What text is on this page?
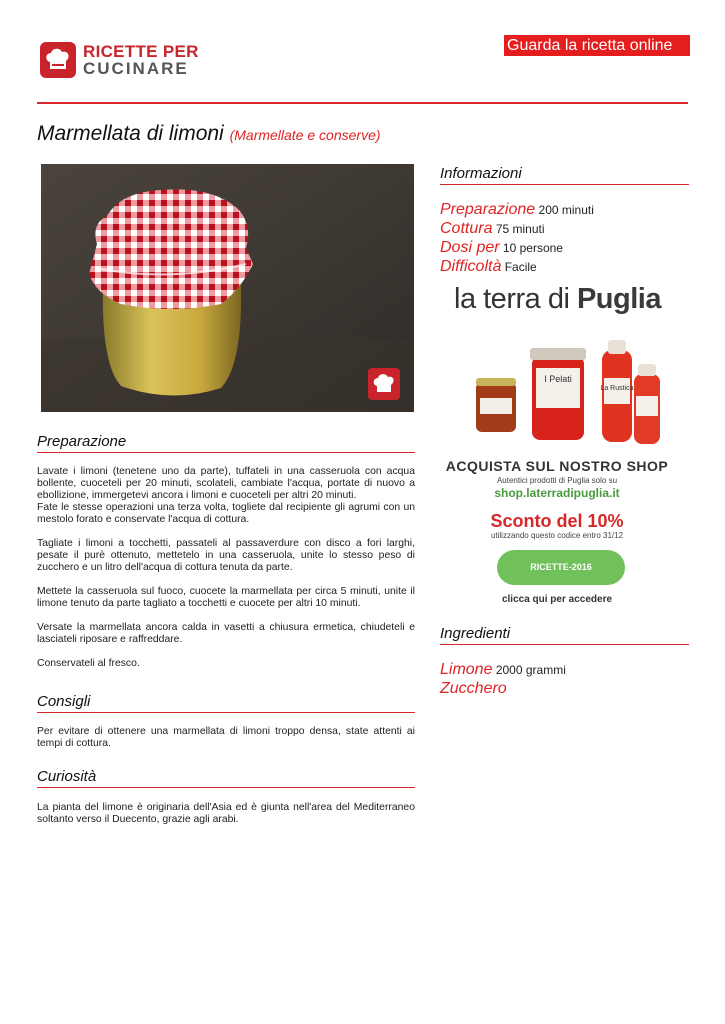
RICETTE PER
CUCINARE
Guarda la ricetta online
Marmellata di limoni (Marmellate e conserve)
Preparazione

Lavate i limoni (tenetene uno da parte), tuffateli in una casseruola con acqua bollente, cuoceteli per 20 minuti, scolateli, cambiate l'acqua, portate di nuovo a ebollizione, immergetevi ancora i limoni e cuoceteli per altri 20 minuti.
Fate le stesse operazioni una terza volta, togliete dal recipiente gli agrumi con un mestolo forato e conservate l'acqua di cottura.

Tagliate i limoni a tocchetti, passateli al passaverdure con disco a fori larghi, pesate il purè ottenuto, mettetelo in una casseruola, unite lo stesso peso di zucchero e un litro dell'acqua di cottura tenuta da parte.

Mettete la casseruola sul fuoco, cuocete la marmellata per circa 5 minuti, unite il limone tenuto da parte tagliato a tocchetti e cuocete per altri 10 minuti.

Versate la marmellata ancora calda in vasetti a chiusura ermetica, chiudeteli e lasciateli riposare e raffreddare.

Conservateli al fresco.

Consigli
Per evitare di ottenere una marmellata di limoni troppo densa, state attenti ai tempi di cottura.
Curiosità
La pianta del limone è originaria dell'Asia ed è giunta nell'area del Mediterraneo soltanto verso il Duecento, grazie agli arabi.
Informazioni
Preparazione 200 minuti
Cottura 75 minuti
Dosi per 10 persone
Difficoltà Facile
la terra di Puglia
I Pelati
La Rustica
ACQUISTA SUL NOSTRO SHOP
Autentici prodotti di Puglia solo su
shop.laterradipuglia.it
Sconto del 10%
utilizzando questo codice entro 31/12
RICETTE-2016
clicca qui per accedere
Ingredienti
Limone 2000 grammi
Zucchero
